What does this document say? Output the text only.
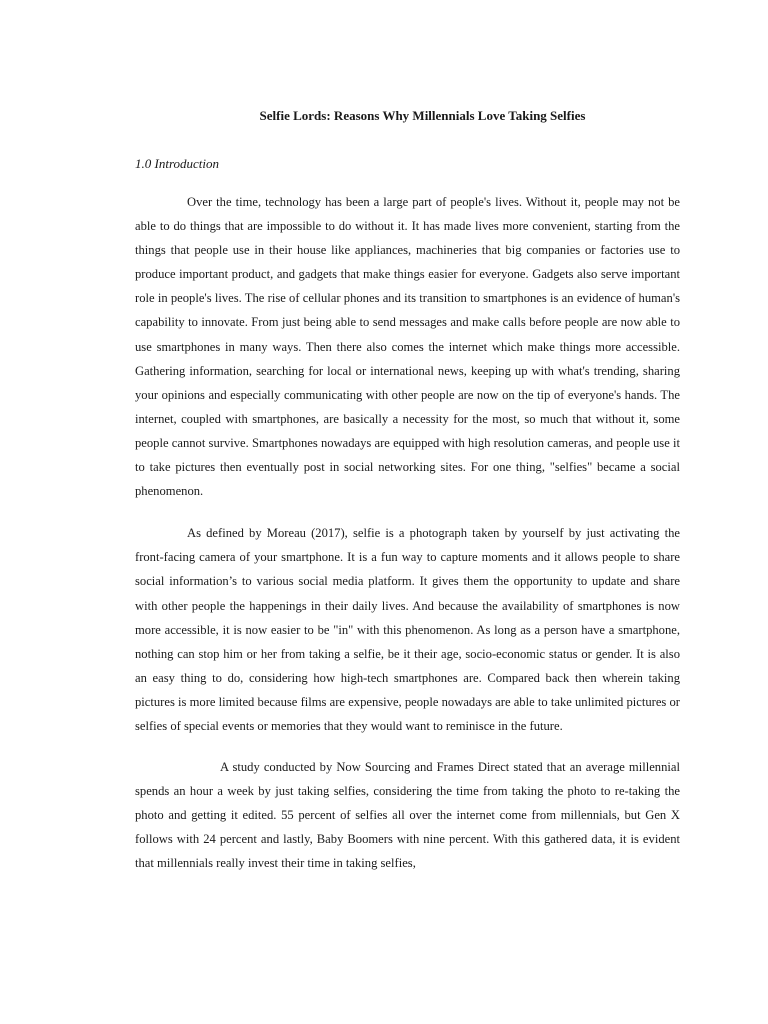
Selfie Lords: Reasons Why Millennials Love Taking Selfies
1.0 Introduction

Over the time, technology has been a large part of people's lives. Without it, people may not be able to do things that are impossible to do without it. It has made lives more convenient, starting from the things that people use in their house like appliances, machineries that big companies or factories use to produce important product, and gadgets that make things easier for everyone. Gadgets also serve important role in people's lives. The rise of cellular phones and its transition to smartphones is an evidence of human's capability to innovate. From just being able to send messages and make calls before people are now able to use smartphones in many ways. Then there also comes the internet which make things more accessible. Gathering information, searching for local or international news, keeping up with what's trending, sharing your opinions and especially communicating with other people are now on the tip of everyone's hands. The internet, coupled with smartphones, are basically a necessity for the most, so much that without it, some people cannot survive. Smartphones nowadays are equipped with high resolution cameras, and people use it to take pictures then eventually post in social networking sites. For one thing, "selfies" became a social phenomenon.

As defined by Moreau (2017), selfie is a photograph taken by yourself by just activating the front-facing camera of your smartphone. It is a fun way to capture moments and it allows people to share social information’s to various social media platform. It gives them the opportunity to update and share with other people the happenings in their daily lives. And because the availability of smartphones is now more accessible, it is now easier to be "in" with this phenomenon. As long as a person have a smartphone, nothing can stop him or her from taking a selfie, be it their age, socio-economic status or gender. It is also an easy thing to do, considering how high-tech smartphones are. Compared back then wherein taking pictures is more limited because films are expensive, people nowadays are able to take unlimited pictures or selfies of special events or memories that they would want to reminisce in the future.

A study conducted by Now Sourcing and Frames Direct stated that an average millennial spends an hour a week by just taking selfies, considering the time from taking the photo to re-taking the photo and getting it edited. 55 percent of selfies all over the internet come from millennials, but Gen X follows with 24 percent and lastly, Baby Boomers with nine percent. With this gathered data, it is evident that millennials really invest their time in taking selfies,
